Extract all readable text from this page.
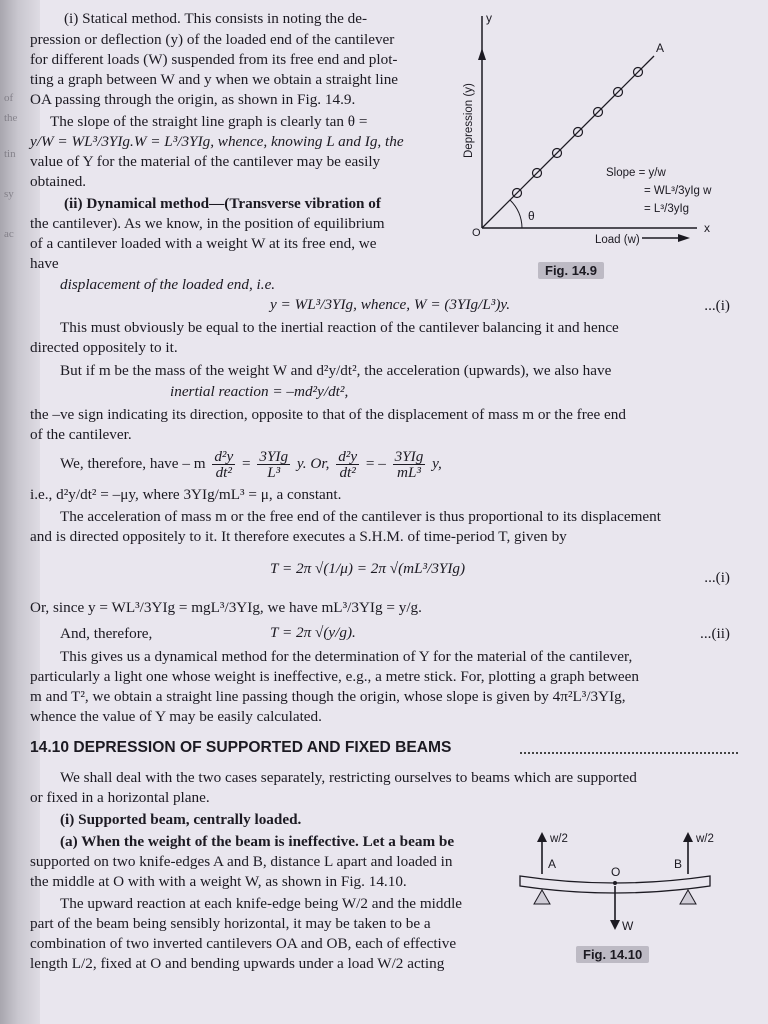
of
the
tin
sy
ac
(i) Statical method. This consists in noting the de-
pression or deflection (y) of the loaded end of the cantilever
for different loads (W) suspended from its free end and plot-
ting a graph between W and y when we obtain a straight line
OA passing through the origin, as shown in Fig. 14.9.
The slope of the straight line graph is clearly tan θ =
y/W = WL³/3YIg.W = L³/3YIg, whence, knowing L and Ig, the
value of Y for the material of the cantilever may be easily
obtained.
(ii) Dynamical method—(Transverse vibration of
the cantilever). As we know, in the position of equilibrium
of a cantilever loaded with a weight W at its free end, we
have
y
x
O
A
θ
Depression (y)
Load (w)
Slope = y/w
= WL³/3yIg w
= L³/3yIg
Fig. 14.9
displacement of the loaded end, i.e.
y = WL³/3YIg, whence, W = (3YIg/L³)y.	...(i)
This must obviously be equal to the inertial reaction of the cantilever balancing it and hence
directed oppositely to it.
But if m be the mass of the weight W and d²y/dt², the acceleration (upwards), we also have
inertial reaction = –md²y/dt²,
the –ve sign indicating its direction, opposite to that of the displacement of mass m or the free end
of the cantilever.
We, therefore, have – m $\frac{\text{d²y}}{\text{dt²}} = \frac{\text{3YIg}}{\text{L³}} y$. Or, $\frac{\text{d²y}}{\text{dt²}}$ = – $\frac{\text{3YIg}}{\text{mL³}} y$,
i.e., d²y/dt² = –μy, where 3YIg/mL³ = μ, a constant.
The acceleration of mass m or the free end of the cantilever is thus proportional to its displacement
and is directed oppositely to it. It therefore executes a S.H.M. of time-period T, given by
T = 2π √(1/μ) = 2π √(mL³/3YIg)
...(i)
Or, since y = WL³/3YIg = mgL³/3YIg, we have mL³/3YIg = y/g.
And, therefore,	T = 2π √(y/g).	...(ii)
This gives us a dynamical method for the determination of Y for the material of the cantilever,
particularly a light one whose weight is ineffective, e.g., a metre stick. For, plotting a graph between
m and T², we obtain a straight line passing though the origin, whose slope is given by 4π²L³/3YIg,
whence the value of Y may be easily calculated.
14.10 DEPRESSION OF SUPPORTED AND FIXED BEAMS
We shall deal with the two cases separately, restricting ourselves to beams which are supported
or fixed in a horizontal plane.
(i) Supported beam, centrally loaded.
(a) When the weight of the beam is ineffective. Let a beam be
supported on two knife-edges A and B, distance L apart and loaded in
the middle at O with with a weight W, as shown in Fig. 14.10.
The upward reaction at each knife-edge being W/2 and the middle
part of the beam being sensibly horizontal, it may be taken to be a
combination of two inverted cantilevers OA and OB, each of effective
length L/2, fixed at O and bending upwards under a load W/2 acting
w/2	w/2
A
O
B
W
Fig. 14.10
